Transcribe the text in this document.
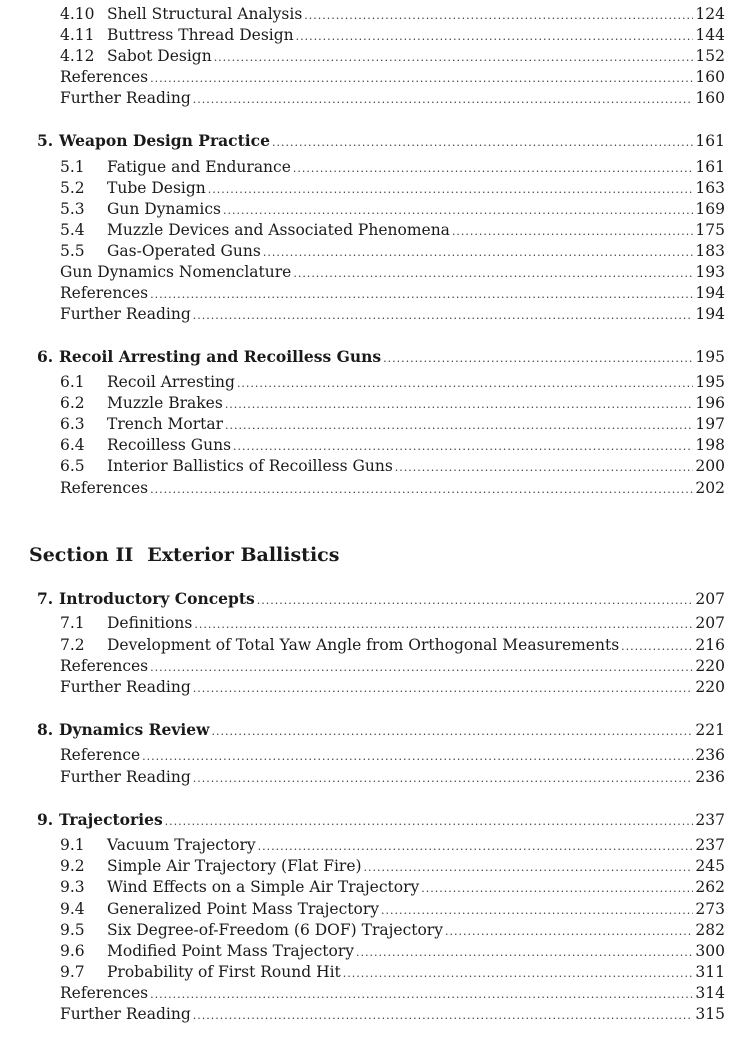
4.10 Shell Structural Analysis .....	124
4.11 Buttress Thread Design .....	144
4.12 Sabot Design .....	152
References .....	160
Further Reading .....	160
5. Weapon Design Practice .....	161
5.1	Fatigue and Endurance .....	161
5.2	Tube Design .....	163
5.3	Gun Dynamics .....	169
5.4	Muzzle Devices and Associated Phenomena .....	175
5.5	Gas-Operated Guns .....	183
Gun Dynamics Nomenclature .....	193
References .....	194
Further Reading .....	194
6. Recoil Arresting and Recoilless Guns .....	195
6.1	Recoil Arresting .....	195
6.2	Muzzle Brakes .....	196
6.3	Trench Mortar .....	197
6.4	Recoilless Guns .....	198
6.5	Interior Ballistics of Recoilless Guns .....	200
References .....	202
7. Introductory Concepts .....	207
7.1	Definitions .....	207
7.2	Development of Total Yaw Angle from Orthogonal Measurements .....	216
References .....	220
Further Reading .....	220
8. Dynamics Review .....	221
Reference .....	236
Further Reading .....	236
9. Trajectories .....	237
9.1	Vacuum Trajectory .....	237
9.2	Simple Air Trajectory (Flat Fire) .....	245
9.3	Wind Effects on a Simple Air Trajectory .....	262
9.4	Generalized Point Mass Trajectory .....	273
9.5	Six Degree-of-Freedom (6 DOF) Trajectory .....	282
9.6	Modified Point Mass Trajectory .....	300
9.7	Probability of First Round Hit .....	311
References .....	314
Further Reading .....	315
Section II Exterior Ballistics
